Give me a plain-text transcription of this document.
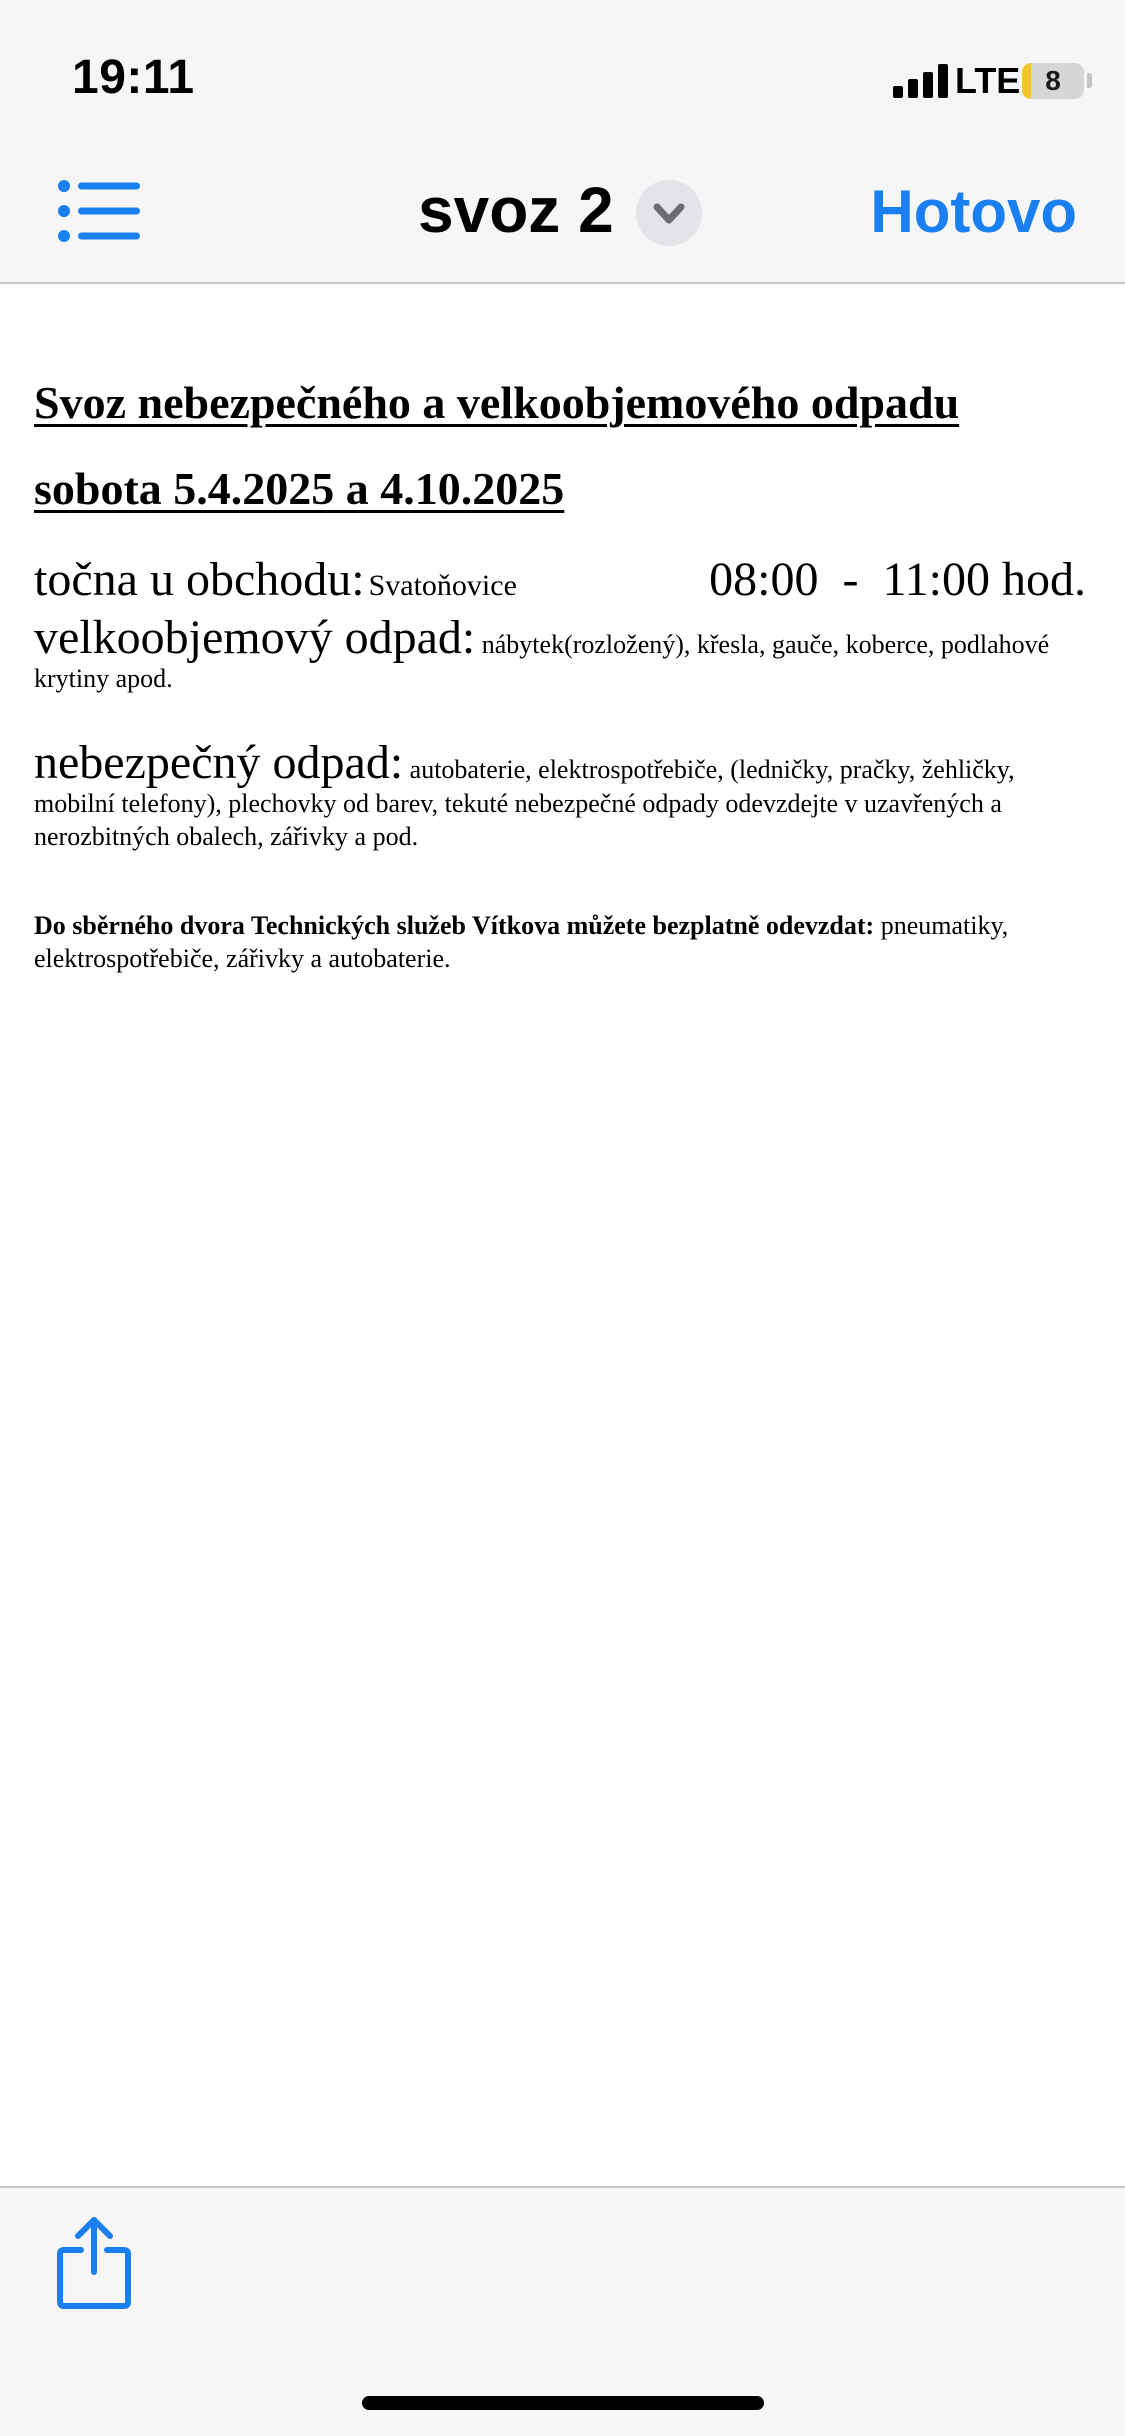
19:11	LTE 8
svoz 2	Hotovo

Svoz nebezpečného a velkoobjemového odpadu

sobota 5.4.2025 a 4.10.2025

točna u obchodu: Svatoňovice	08:00  -  11:00 hod.

velkoobjemový odpad: nábytek(rozložený), křesla, gauče, koberce, podlahové krytiny apod.

nebezpečný odpad: autobaterie, elektrospotřebiče, (ledničky, pračky, žehličky, mobilní telefony), plechovky od barev, tekuté nebezpečné odpady odevzdejte v uzavřených a nerozbitných obalech, zářivky a pod.

Do sběrného dvora Technických služeb Vítkova můžete bezplatně odevzdat: pneumatiky, elektrospotřebiče, zářivky a autobaterie.
